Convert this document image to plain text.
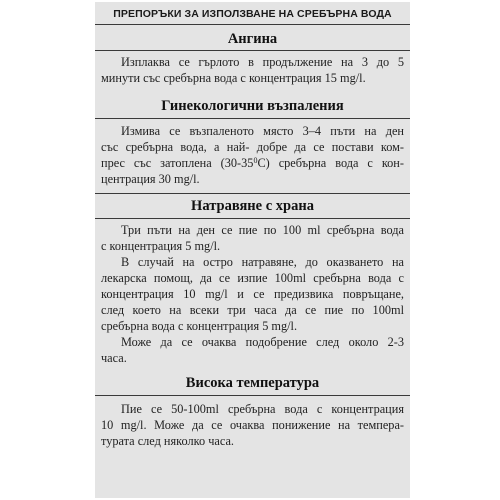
ПРЕПОРЪКИ ЗА ИЗПОЛЗВАНЕ НА СРЕБЪРНА ВОДА
Ангина
Изплаква се гърлото в продължение на 3 до 5
минути със сребърна вода с концентрация 15 mg/l.
Гинекологични възпаления
Измива се възпаленото място 3–4 пъти на ден
със сребърна вода, а най- добре да се постави ком-
прес със затоплена $(30-35^0C)$ сребърна вода с кон-
центрация 30 mg/l.
Натравяне с храна
Три пъти на ден се пие по 100 ml сребърна вода
с концентрация 5 mg/l.
В случай на остро натравяне, до оказването на
лекарска помощ, да се изпие 100ml сребърна вода с
концентрация 10 mg/l и се предизвика повръщане,
след което на всеки три часа да се пие по 100ml
сребърна вода с концентрация 5 mg/l.
Може да се очаква подобрение след около 2-3
часа.
Висока температура
Пие се 50-100ml сребърна вода с концентрация
10 mg/l. Може да се очаква понижение на темпера-
турата след няколко часа.
